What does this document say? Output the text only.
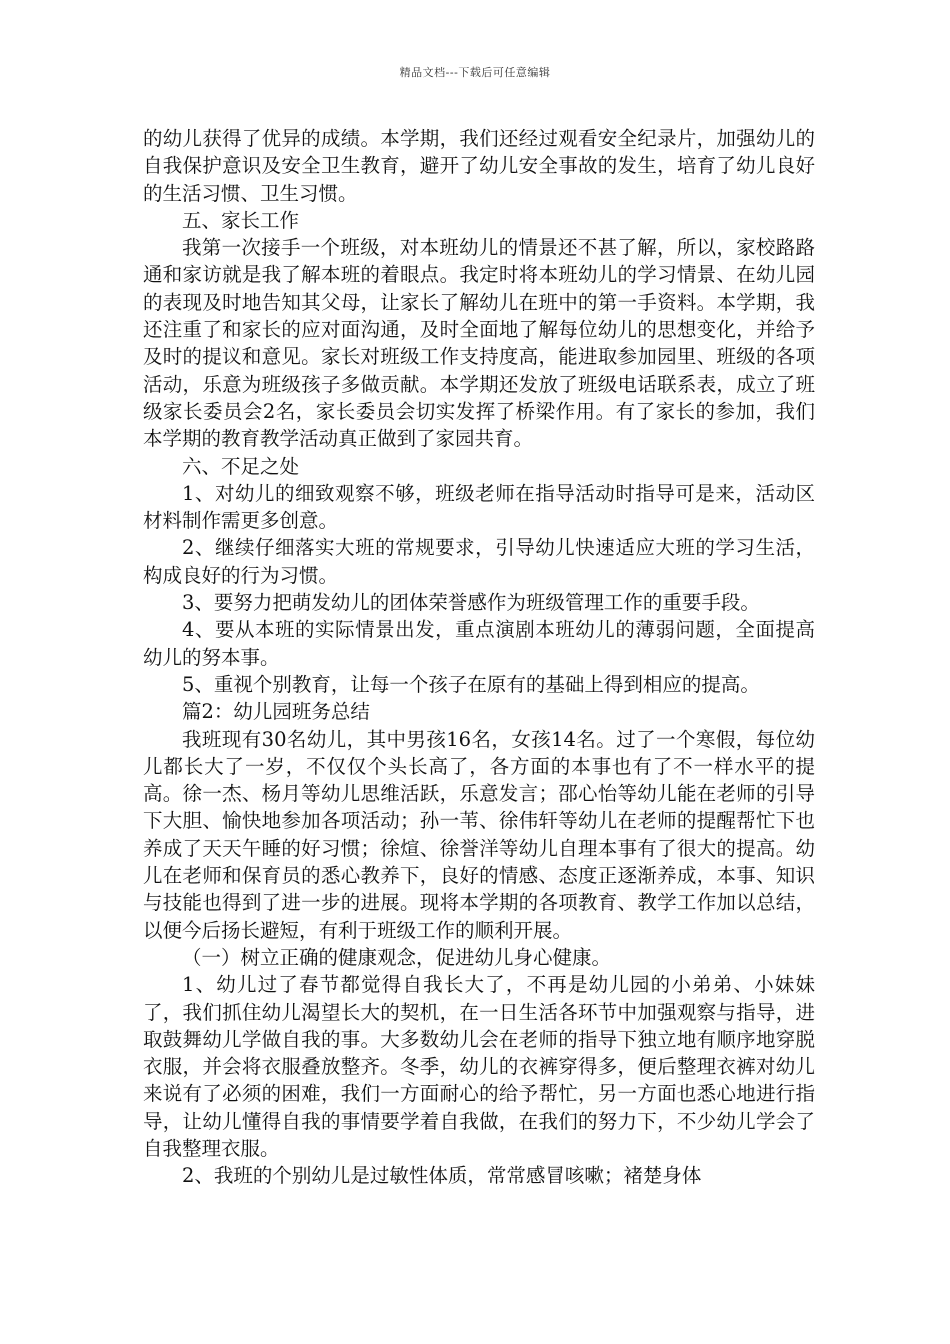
精品文档---下载后可任意编辑

的幼儿获得了优异的成绩。本学期，我们还经过观看安全纪录片，加强幼儿的自我保护意识及安全卫生教育，避开了幼儿安全事故的发生，培育了幼儿良好的生活习惯、卫生习惯。

五、家长工作

我第一次接手一个班级，对本班幼儿的情景还不甚了解，所以，家校路路通和家访就是我了解本班的着眼点。我定时将本班幼儿的学习情景、在幼儿园的表现及时地告知其父母，让家长了解幼儿在班中的第一手资料。本学期，我还注重了和家长的应对面沟通，及时全面地了解每位幼儿的思想变化，并给予及时的提议和意见。家长对班级工作支持度高，能进取参加园里、班级的各项活动，乐意为班级孩子多做贡献。本学期还发放了班级电话联系表，成立了班级家长委员会2名，家长委员会切实发挥了桥梁作用。有了家长的参加，我们本学期的教育教学活动真正做到了家园共育。

六、不足之处

1、对幼儿的细致观察不够，班级老师在指导活动时指导可是来，活动区材料制作需更多创意。

2、继续仔细落实大班的常规要求，引导幼儿快速适应大班的学习生活，构成良好的行为习惯。

3、要努力把萌发幼儿的团体荣誉感作为班级管理工作的重要手段。

4、要从本班的实际情景出发，重点演剧本班幼儿的薄弱问题，全面提高幼儿的努本事。

5、重视个别教育，让每一个孩子在原有的基础上得到相应的提高。

篇2：幼儿园班务总结

我班现有30名幼儿，其中男孩16名，女孩14名。过了一个寒假，每位幼儿都长大了一岁，不仅仅个头长高了，各方面的本事也有了不一样水平的提高。徐一杰、杨月等幼儿思维活跃，乐意发言；邵心怡等幼儿能在老师的引导下大胆、愉快地参加各项活动；孙一苇、徐伟轩等幼儿在老师的提醒帮忙下也养成了天天午睡的好习惯；徐煊、徐誉洋等幼儿自理本事有了很大的提高。幼儿在老师和保育员的悉心教养下，良好的情感、态度正逐渐养成，本事、知识与技能也得到了进一步的进展。现将本学期的各项教育、教学工作加以总结，以便今后扬长避短，有利于班级工作的顺利开展。

（一）树立正确的健康观念，促进幼儿身心健康。

1、幼儿过了春节都觉得自我长大了，不再是幼儿园的小弟弟、小妹妹了，我们抓住幼儿渴望长大的契机，在一日生活各环节中加强观察与指导，进取鼓舞幼儿学做自我的事。大多数幼儿会在老师的指导下独立地有顺序地穿脱衣服，并会将衣服叠放整齐。冬季，幼儿的衣裤穿得多，便后整理衣裤对幼儿来说有了必须的困难，我们一方面耐心的给予帮忙，另一方面也悉心地进行指导，让幼儿懂得自我的事情要学着自我做，在我们的努力下，不少幼儿学会了自我整理衣服。

2、我班的个别幼儿是过敏性体质，常常感冒咳嗽；褚楚身体
